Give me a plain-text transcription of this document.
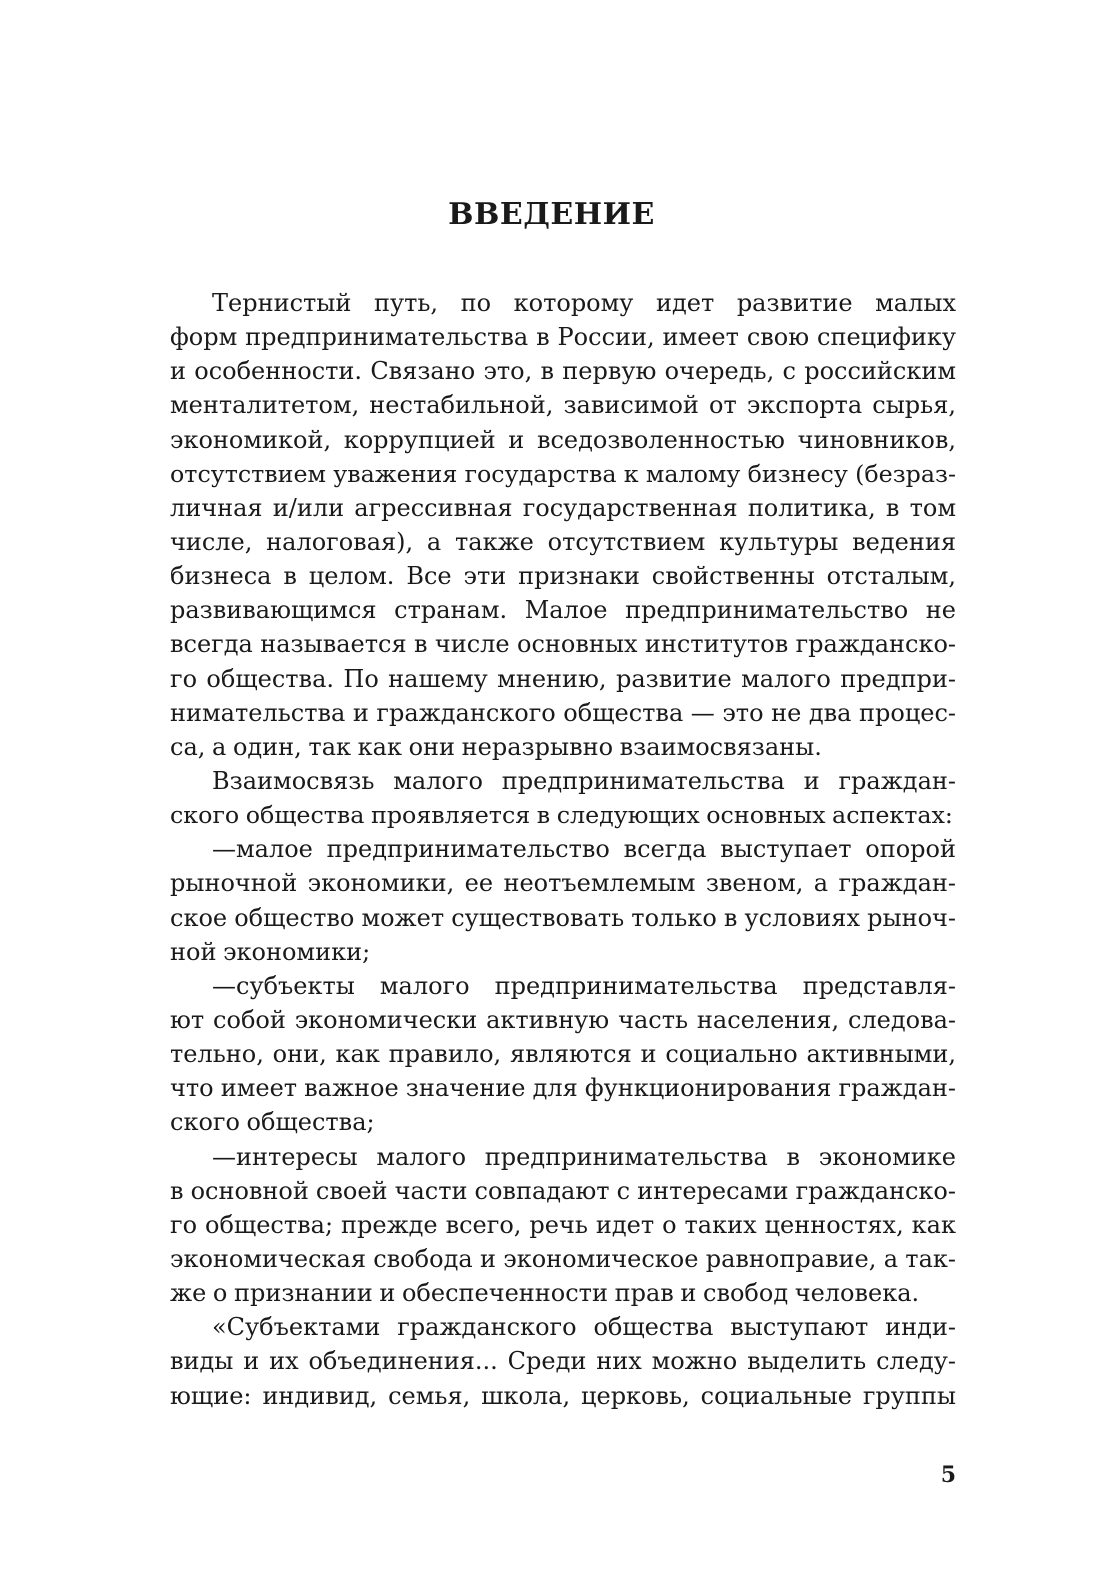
ВВЕДЕНИЕ
Тернистый путь, по которому идет развитие малых
форм предпринимательства в России, имеет свою специфику
и особенности. Связано это, в первую очередь, с российским
менталитетом, нестабильной, зависимой от экспорта сырья,
экономикой, коррупцией и вседозволенностью чиновников,
отсутствием уважения государства к малому бизнесу (безраз-
личная и/или агрессивная государственная политика, в том
числе, налоговая), а также отсутствием культуры ведения
бизнеса в целом. Все эти признаки свойственны отсталым,
развивающимся странам. Малое предпринимательство не
всегда называется в числе основных институтов гражданско-
го общества. По нашему мнению, развитие малого предпри-
нимательства и гражданского общества — это не два процес-
са, а один, так как они неразрывно взаимосвязаны.
Взаимосвязь малого предпринимательства и граждан-
ского общества проявляется в следующих основных аспектах:
—малое предпринимательство всегда выступает опорой
рыночной экономики, ее неотъемлемым звеном, а граждан-
ское общество может существовать только в условиях рыноч-
ной экономики;
—субъекты малого предпринимательства представля-
ют собой экономически активную часть населения, следова-
тельно, они, как правило, являются и социально активными,
что имеет важное значение для функционирования граждан-
ского общества;
—интересы малого предпринимательства в экономике
в основной своей части совпадают с интересами гражданско-
го общества; прежде всего, речь идет о таких ценностях, как
экономическая свобода и экономическое равноправие, а так-
же о признании и обеспеченности прав и свобод человека.
«Субъектами гражданского общества выступают инди-
виды и их объединения... Среди них можно выделить следу-
ющие: индивид, семья, школа, церковь, социальные группы
5
